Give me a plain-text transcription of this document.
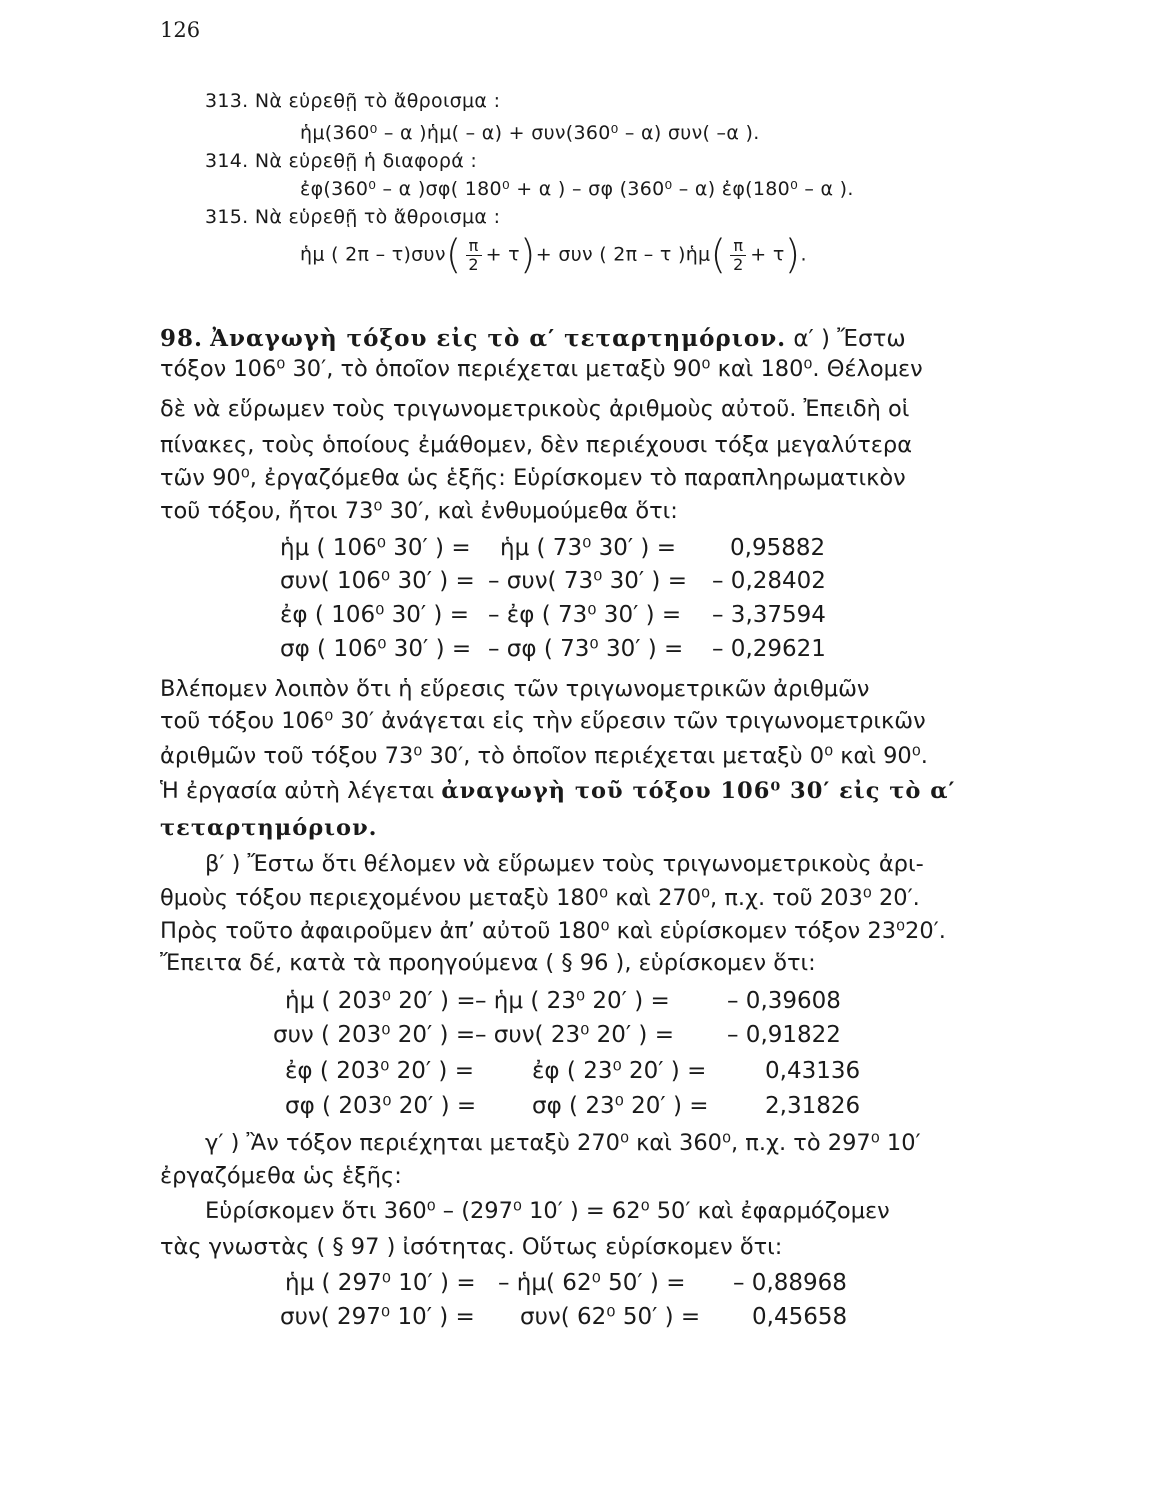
126
313. Νὰ εὑρεθῇ τὸ ἄθροισμα :
ἡμ(360⁰ – α )ἡμ( – α) + συν(360⁰ – α) συν( –α ).
314. Νὰ εὑρεθῇ ἡ διαφορά :
ἐφ(360⁰ – α )σφ( 180⁰ + α ) – σφ (360⁰ – α) ἐφ(180⁰ – α ).
315. Νὰ εὑρεθῇ τὸ ἄθροισμα :
ἡμ ( $2\pi - \tau)\sigma\upsilon\nu( \frac{\pi}{2} + \tau)+ \sigma\upsilon\nu$ ( 2π – τ )ἡμ( $\frac{\pi}{2} + \tau$).
98. Ἀναγωγὴ τόξου εἰς τὸ α′ τεταρτημόριον. α′ ) Ἔστω
τόξον 106⁰ 30′, τὸ ὁποῖον περιέχεται μεταξὺ 90⁰ καὶ 180⁰. Θέλομεν
δὲ νὰ εὕρωμεν τοὺς τριγωνομετρικοὺς ἀριθμοὺς αὐτοῦ. Ἐπειδὴ οἱ
πίνακες, τοὺς ὁποίους ἐμάθομεν, δὲν περιέχουσι τόξα μεγαλύτερα
τῶν 90⁰, ἐργαζόμεθα ὡς ἑξῆς: Εὑρίσκομεν τὸ παραπληρωματικὸν
τοῦ τόξου, ἤτοι 73⁰ 30′, καὶ ἐνθυμούμεθα ὅτι:
ἡμ ( 106⁰ 30′ ) = ἡμ ( 73⁰ 30′ ) = 0,95882
συν( 106⁰ 30′ ) = – συν( 73⁰ 30′ ) = – 0,28402
ἐφ ( 106⁰ 30′ ) = – ἐφ ( 73⁰ 30′ ) = – 3,37594
σφ ( 106⁰ 30′ ) = – σφ ( 73⁰ 30′ ) = – 0,29621
Βλέπομεν λοιπὸν ὅτι ἡ εὕρεσις τῶν τριγωνομετρικῶν ἀριθμῶν
τοῦ τόξου 106⁰ 30′ ἀνάγεται εἰς τὴν εὕρεσιν τῶν τριγωνομετρικῶν
ἀριθμῶν τοῦ τόξου 73⁰ 30′, τὸ ὁποῖον περιέχεται μεταξὺ 0⁰ καὶ 90⁰.
Ἡ ἐργασία αὐτὴ λέγεται ἀναγωγὴ τοῦ τόξου 106⁰ 30′ εἰς τὸ α′
τεταρτημόριον.
β′ ) Ἔστω ὅτι θέλομεν νὰ εὕρωμεν τοὺς τριγωνομετρικοὺς ἀρι-
θμοὺς τόξου περιεχομένου μεταξὺ 180⁰ καὶ 270⁰, π.χ. τοῦ 203⁰ 20′.
Πρὸς τοῦτο ἀφαιροῦμεν ἀπ’ αὐτοῦ 180⁰ καὶ εὑρίσκομεν τόξον 23⁰20′.
Ἔπειτα δέ, κατὰ τὰ προηγούμενα ( § 96 ), εὑρίσκομεν ὅτι:
ἡμ ( 203⁰ 20′ ) = – ἡμ ( 23⁰ 20′ ) = – 0,39608
συν ( 203⁰ 20′ ) = – συν( 23⁰ 20′ ) = – 0,91822
ἐφ ( 203⁰ 20′ ) =	ἐφ ( 23⁰ 20′ ) =	0,43136
σφ ( 203⁰ 20′ ) = σφ ( 23⁰ 20′ ) = 2,31826
γ′ ) Ἂν τόξον περιέχηται μεταξὺ 270⁰ καὶ 360⁰, π.χ. τὸ 297⁰ 10′
ἐργαζόμεθα ὡς ἑξῆς:
Εὑρίσκομεν ὅτι 360⁰ – (297⁰ 10′ ) = 62⁰ 50′ καὶ ἐφαρμόζομεν
τὰς γνωστὰς ( § 97 ) ἰσότητας. Οὕτως εὑρίσκομεν ὅτι:
ἡμ ( 297⁰ 10′ ) = – ἡμ( 62⁰ 50′ ) = – 0,88968
συν( 297⁰ 10′ ) = συν( 62⁰ 50′ ) = 0,45658
